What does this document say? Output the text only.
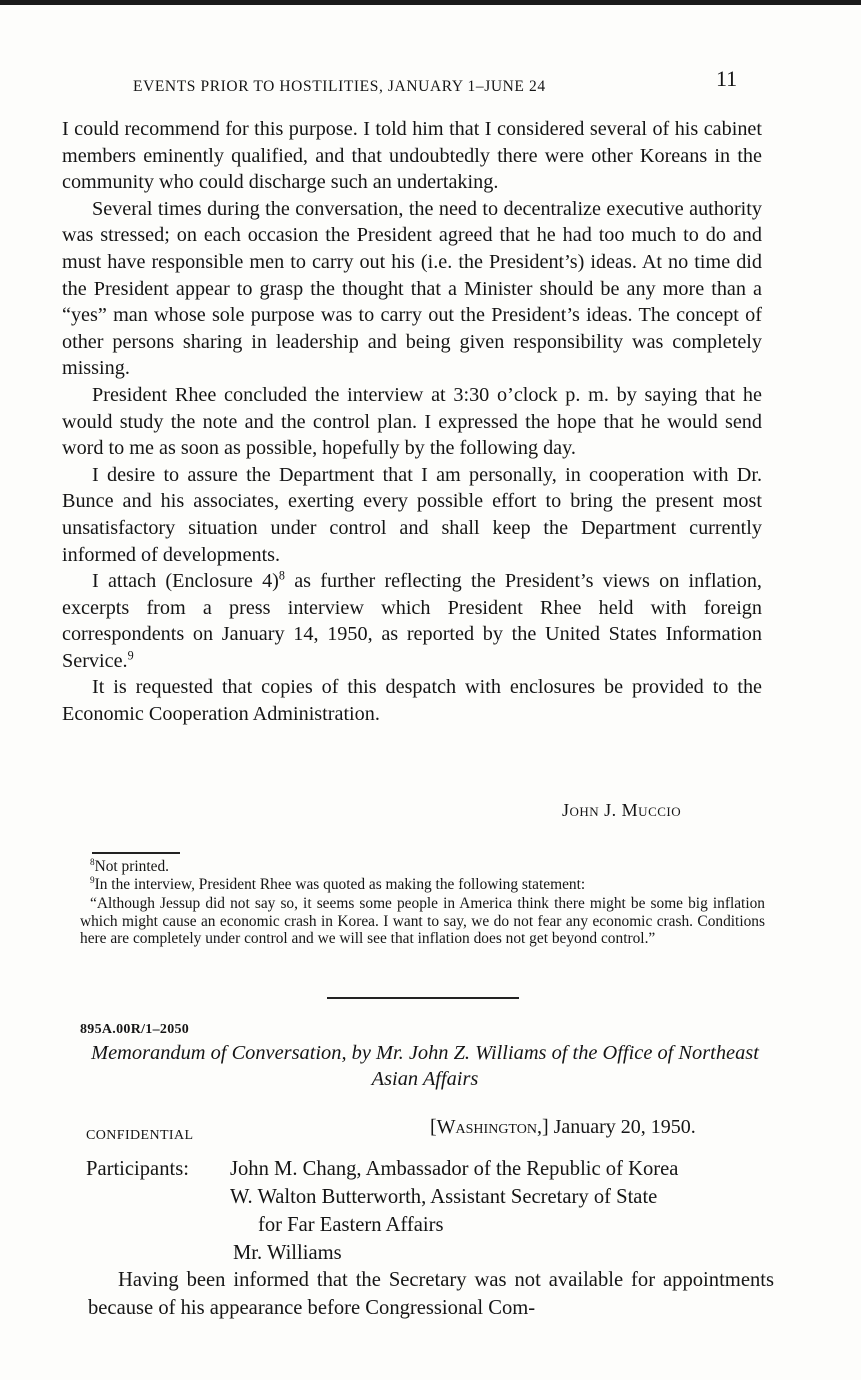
EVENTS PRIOR TO HOSTILITIES, JANUARY 1–JUNE 24	11

I could recommend for this purpose. I told him that I considered several of his cabinet members eminently qualified, and that undoubtedly there were other Koreans in the community who could discharge such an undertaking.

Several times during the conversation, the need to decentralize executive authority was stressed; on each occasion the President agreed that he had too much to do and must have responsible men to carry out his (i.e. the President’s) ideas. At no time did the President appear to grasp the thought that a Minister should be any more than a “yes” man whose sole purpose was to carry out the President’s ideas. The concept of other persons sharing in leadership and being given responsibility was completely missing.

President Rhee concluded the interview at 3:30 o’clock p. m. by saying that he would study the note and the control plan. I expressed the hope that he would send word to me as soon as possible, hopefully by the following day.

I desire to assure the Department that I am personally, in cooperation with Dr. Bunce and his associates, exerting every possible effort to bring the present most unsatisfactory situation under control and shall keep the Department currently informed of developments.

I attach (Enclosure 4)$^8$ as further reflecting the President’s views on inflation, excerpts from a press interview which President Rhee held with foreign correspondents on January 14, 1950, as reported by the United States Information Service.$^9$

It is requested that copies of this despatch with enclosures be provided to the Economic Cooperation Administration.

John J. Muccio

$^8$Not printed.

$^9$In the interview, President Rhee was quoted as making the following statement:

“Although Jessup did not say so, it seems some people in America think there might be some big inflation which might cause an economic crash in Korea. I want to say, we do not fear any economic crash. Conditions here are completely under control and we will see that inflation does not get beyond control.”

895A.00R/1–2050
Memorandum of Conversation, by Mr. John Z. Williams of the Office of Northeast Asian Affairs
CONFIDENTIAL	[Washington,] January 20, 1950.
Participants: John M. Chang, Ambassador of the Republic of Korea
W. Walton Butterworth, Assistant Secretary of State
for Far Eastern Affairs
Mr. Williams

Having been informed that the Secretary was not available for appointments because of his appearance before Congressional Com-
